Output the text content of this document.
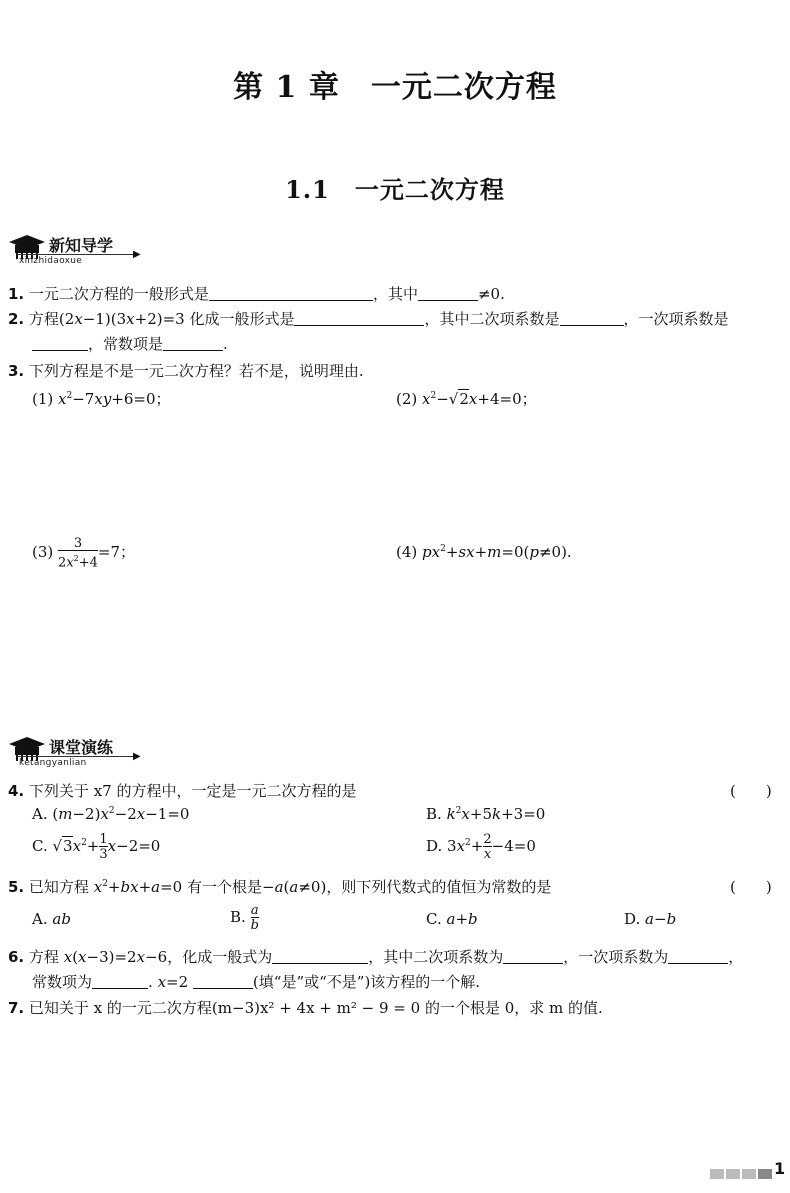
第 1 章　一元二次方程
1.1　一元二次方程
新知导学 ▶
xinzhidaoxue
1. 一元二次方程的一般形式是	，其中	≠0.
2. 方程(2x−1)(3x+2)=3 化成一般形式是	，其中二次项系数是	，一次项系数是
，常数项是	.
3. 下列方程是不是一元二次方程？若不是，说明理由.
(1) $x^2-7xy+6=0$；	(2) $x^2-√2x+4=0$；
$(3) \frac{3}{2x^2+4} =7$；	(4) $px^2+sx+m=0(p\ne 0)$.
课堂演练 ▶
ketangyanlian
4. 下列关于 x7 的方程中，一定是一元二次方程的是	(　　)
A. $(m-2)x^2-2x-1=0$	B. $k^2x+5k+3=0$
C. $√3x^2+ \frac{1}{3} x-2=0$	D. $3x^2+ \frac{2}{x} -4=0$
5. 已知方程 $x^2+bx+a=0$ 有一个根是−a(a≠0)，则下列代数式的值恒为常数的是	(　　)
A. ab	B. $\frac{a}{b}$	C. a+b	D. a−b
6. 方程 x(x−3)=2x−6，化成一般式为	，其中二次项系数为	，一次项系数为	，
常数项为	. x=2	(填“是”或“不是”)该方程的一个解.
7. 已知关于 x 的一元二次方程(m−3)x² + 4x + m² − 9 = 0 的一个根是 0，求 m 的值.
1
